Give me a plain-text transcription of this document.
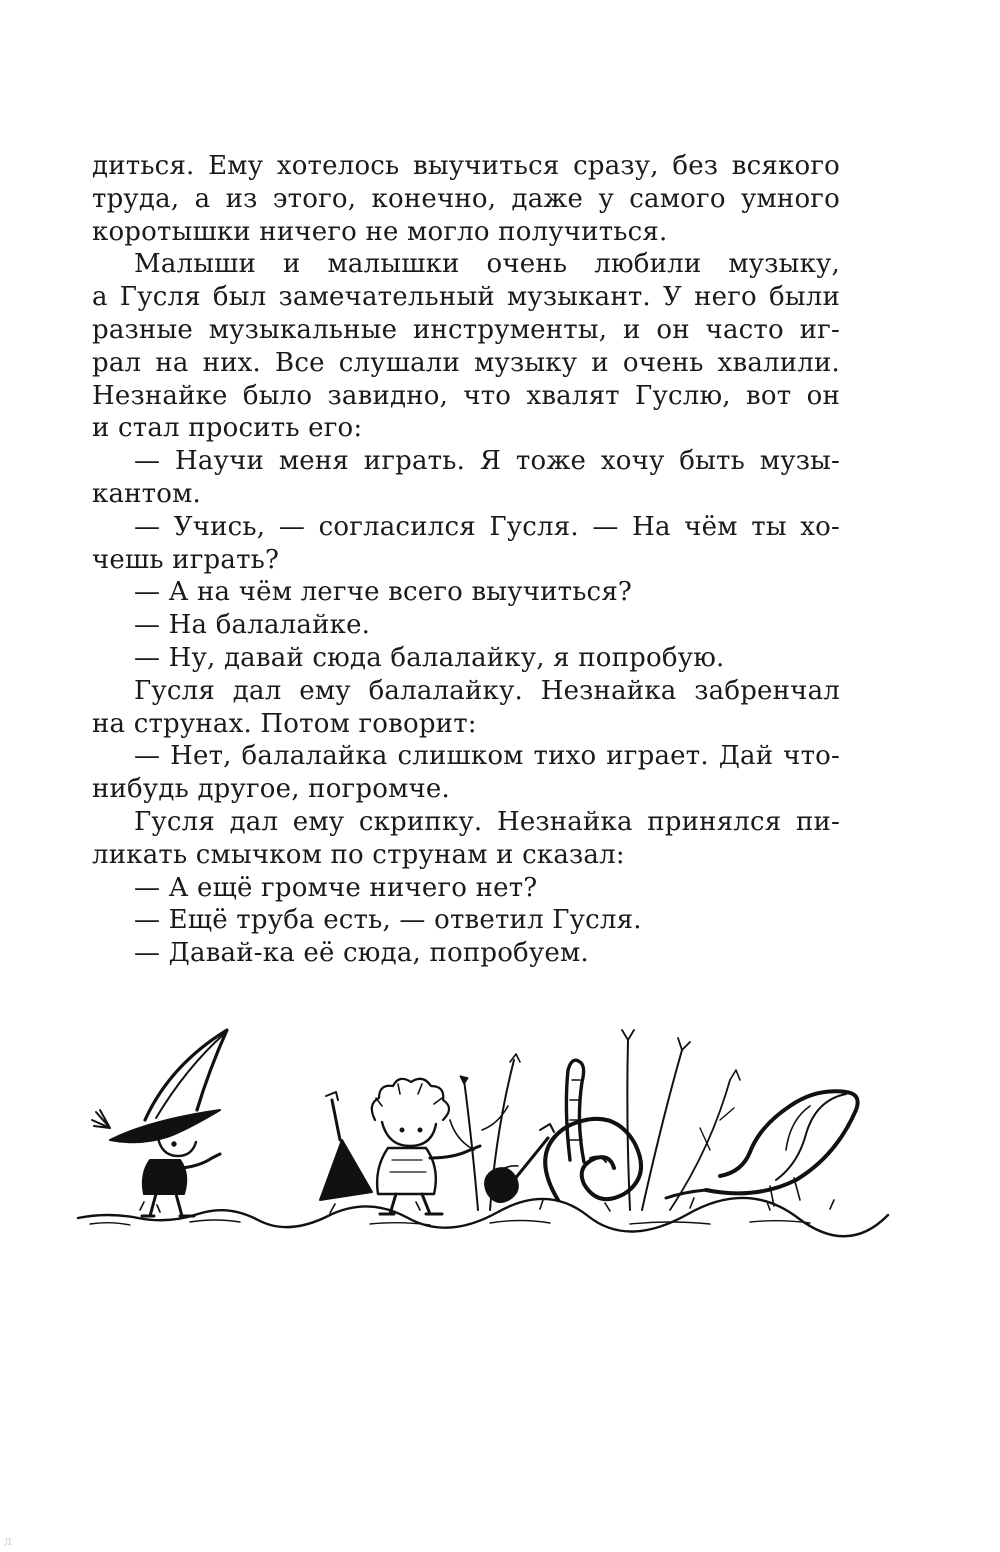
диться. Ему хотелось выучиться сразу, без всякого
труда, а из этого, конечно, даже у самого умного
коротышки ничего не могло получиться.
Малыши и малышки очень любили музыку,
а Гусля был замечательный музыкант. У него были
разные музыкальные инструменты, и он часто иг-
рал на них. Все слушали музыку и очень хвалили.
Незнайке было завидно, что хвалят Гуслю, вот он
и стал просить его:
— Научи меня играть. Я тоже хочу быть музы-
кантом.
— Учись, — согласился Гусля. — На чём ты хо-
чешь играть?
— А на чём легче всего выучиться?
— На балалайке.
— Ну, давай сюда балалайку, я попробую.
Гусля дал ему балалайку. Незнайка забренчал
на струнах. Потом говорит:
— Нет, балалайка слишком тихо играет. Дай что-
нибудь другое, погромче.
Гусля дал ему скрипку. Незнайка принялся пи-
ликать смычком по струнам и сказал:
— А ещё громче ничего нет?
— Ещё труба есть, — ответил Гусля.
— Давай-ка её сюда, попробуем.
л
